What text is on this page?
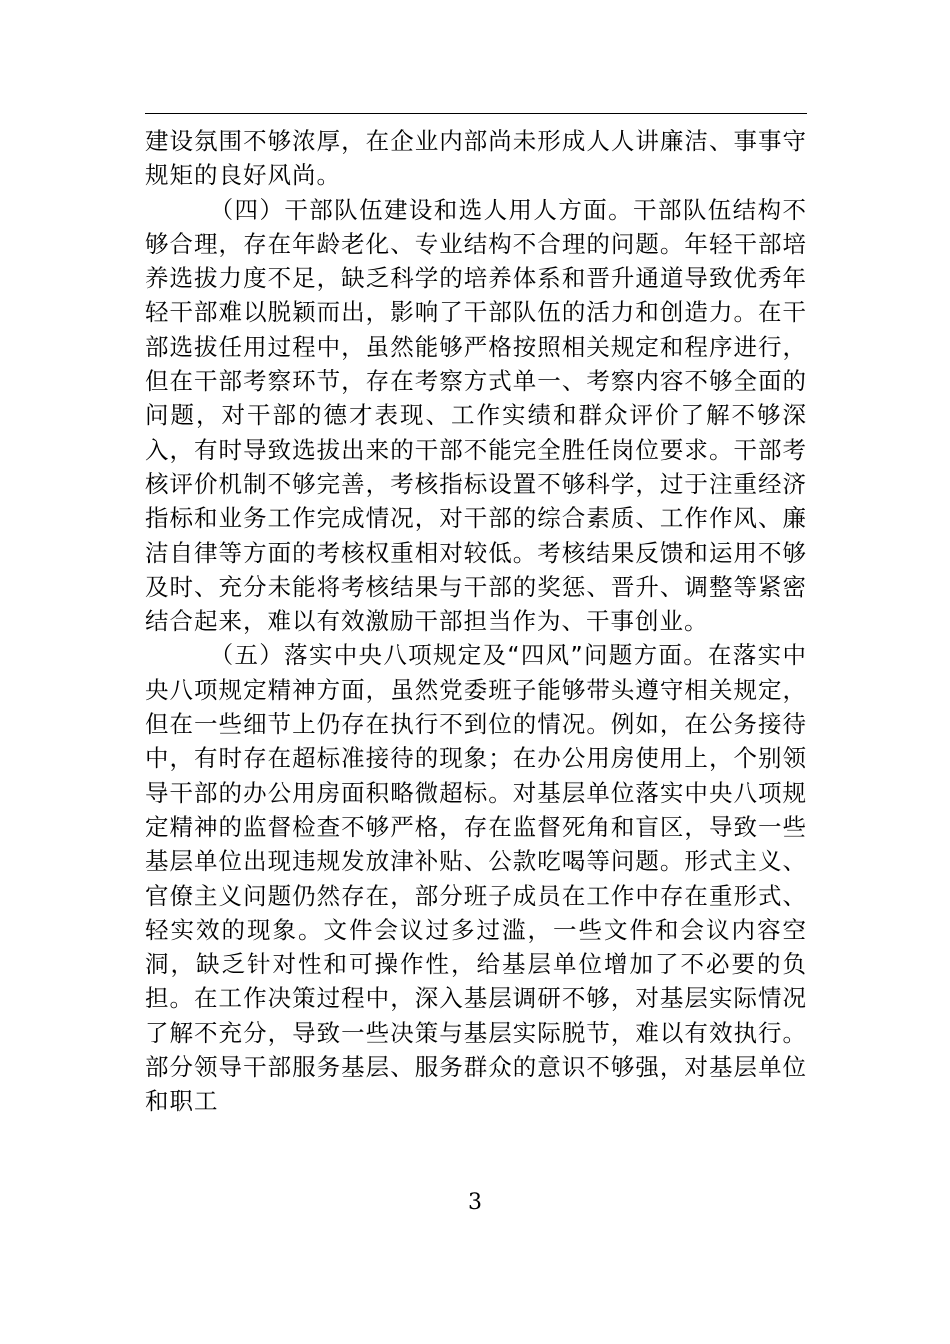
建设氛围不够浓厚，在企业内部尚未形成人人讲廉洁、事事守规矩的良好风尚。

（四）干部队伍建设和选人用人方面。干部队伍结构不够合理，存在年龄老化、专业结构不合理的问题。年轻干部培养选拔力度不足，缺乏科学的培养体系和晋升通道导致优秀年轻干部难以脱颖而出，影响了干部队伍的活力和创造力。在干部选拔任用过程中，虽然能够严格按照相关规定和程序进行，但在干部考察环节，存在考察方式单一、考察内容不够全面的问题，对干部的德才表现、工作实绩和群众评价了解不够深入，有时导致选拔出来的干部不能完全胜任岗位要求。干部考核评价机制不够完善，考核指标设置不够科学，过于注重经济指标和业务工作完成情况，对干部的综合素质、工作作风、廉洁自律等方面的考核权重相对较低。考核结果反馈和运用不够及时、充分未能将考核结果与干部的奖惩、晋升、调整等紧密结合起来，难以有效激励干部担当作为、干事创业。

（五）落实中央八项规定及“四风”问题方面。在落实中央八项规定精神方面，虽然党委班子能够带头遵守相关规定，但在一些细节上仍存在执行不到位的情况。例如，在公务接待中，有时存在超标准接待的现象；在办公用房使用上，个别领导干部的办公用房面积略微超标。对基层单位落实中央八项规定精神的监督检查不够严格，存在监督死角和盲区，导致一些基层单位出现违规发放津补贴、公款吃喝等问题。形式主义、官僚主义问题仍然存在，部分班子成员在工作中存在重形式、轻实效的现象。文件会议过多过滥，一些文件和会议内容空洞，缺乏针对性和可操作性，给基层单位增加了不必要的负担。在工作决策过程中，深入基层调研不够，对基层实际情况了解不充分，导致一些决策与基层实际脱节，难以有效执行。部分领导干部服务基层、服务群众的意识不够强，对基层单位和职工

3
